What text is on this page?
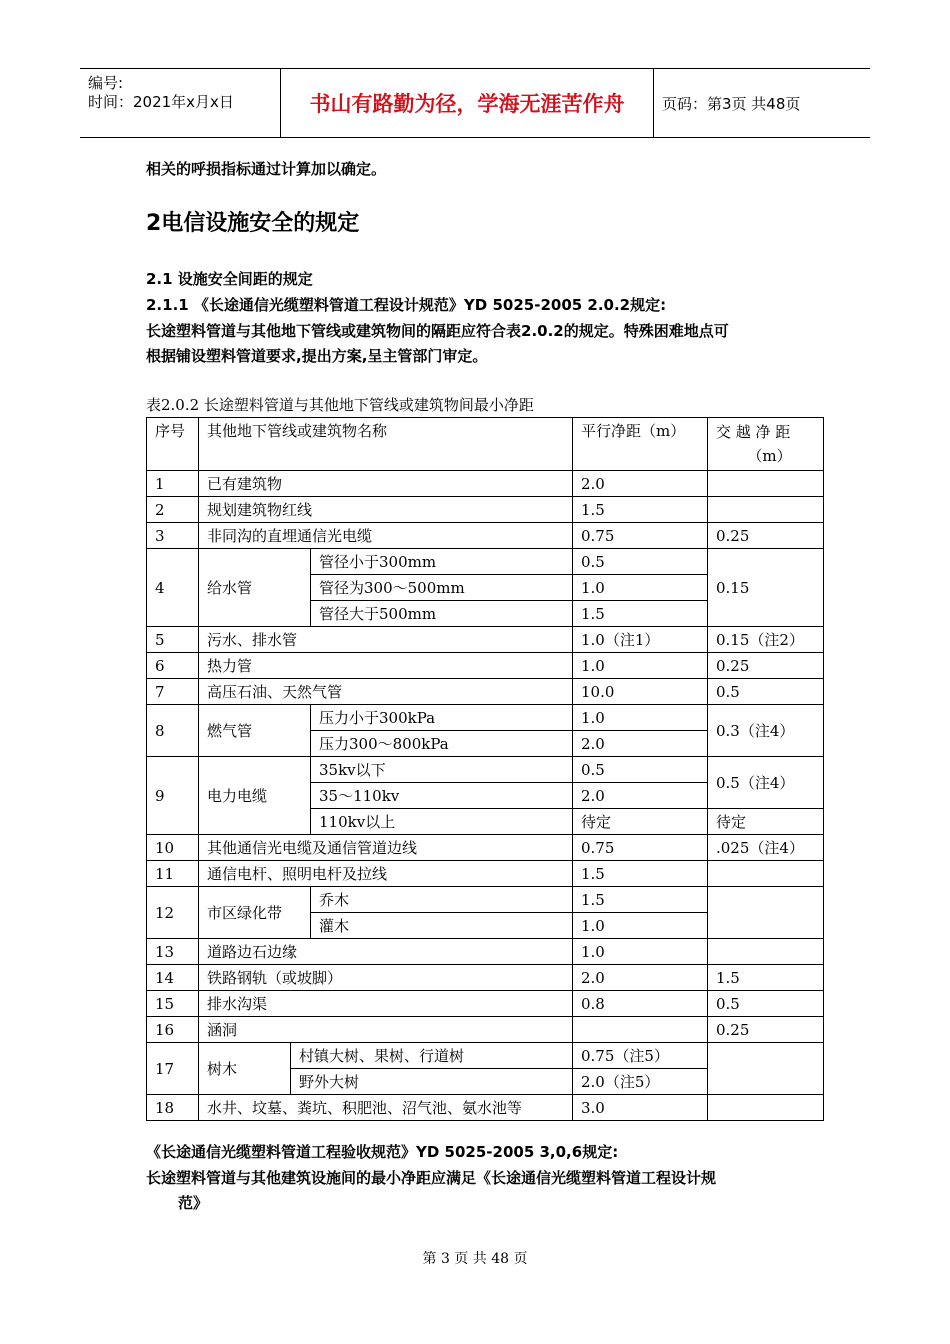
编号:
时间：2021年x月x日	书山有路勤为径，学海无涯苦作舟	页码：第3页 共48页
相关的呼损指标通过计算加以确定。
2电信设施安全的规定
2.1 设施安全间距的规定
2.1.1 《长途通信光缆塑料管道工程设计规范》YD 5025-2005 2.0.2规定:
长途塑料管道与其他地下管线或建筑物间的隔距应符合表2.0.2的规定。特殊困难地点可
根据铺设塑料管道要求,提出方案,呈主管部门审定。
表2.0.2 长途塑料管道与其他地下管线或建筑物间最小净距
序号	其他地下管线或建筑物名称			平行净距（m）	交 越 净 距
（m）

1	已有建筑物			2.0	
2	规划建筑物红线			1.5	
3	非同沟的直埋通信光电缆			0.75	0.25
4	给水管		管径小于300mm	0.5	0.15
			管径为300～500mm	1.0	
			管径大于500mm	1.5	
5	污水、排水管			1.0（注1）	0.15（注2）
6	热力管			1.0	0.25
7	高压石油、天然气管			10.0	0.5
8	燃气管		压力小于300kPa	1.0	0.3（注4）
			压力300～800kPa	2.0	
9	电力电缆		35kv以下	0.5	0.5（注4）
			35～110kv	2.0	
			110kv以上	待定	待定
10	其他通信光电缆及通信管道边线			0.75	.025（注4）
11	通信电杆、照明电杆及拉线			1.5	
12	市区绿化带		乔木	1.5	
			灌木	1.0	
13	道路边石边缘			1.0	
14	铁路钢轨（或坡脚）			2.0	1.5
15	排水沟渠			0.8	0.5
16	涵洞				0.25
17	树木	村镇大树、果树、行道树		0.75（注5）	
		野外大树		2.0（注5）	
18	水井、坟墓、粪坑、积肥池、沼气池、氨水池等			3.0	
《长途通信光缆塑料管道工程验收规范》YD 5025-2005 3,0,6规定:
长途塑料管道与其他建筑设施间的最小净距应满足《长途通信光缆塑料管道工程设计规
范》
第 3 页 共 48 页
